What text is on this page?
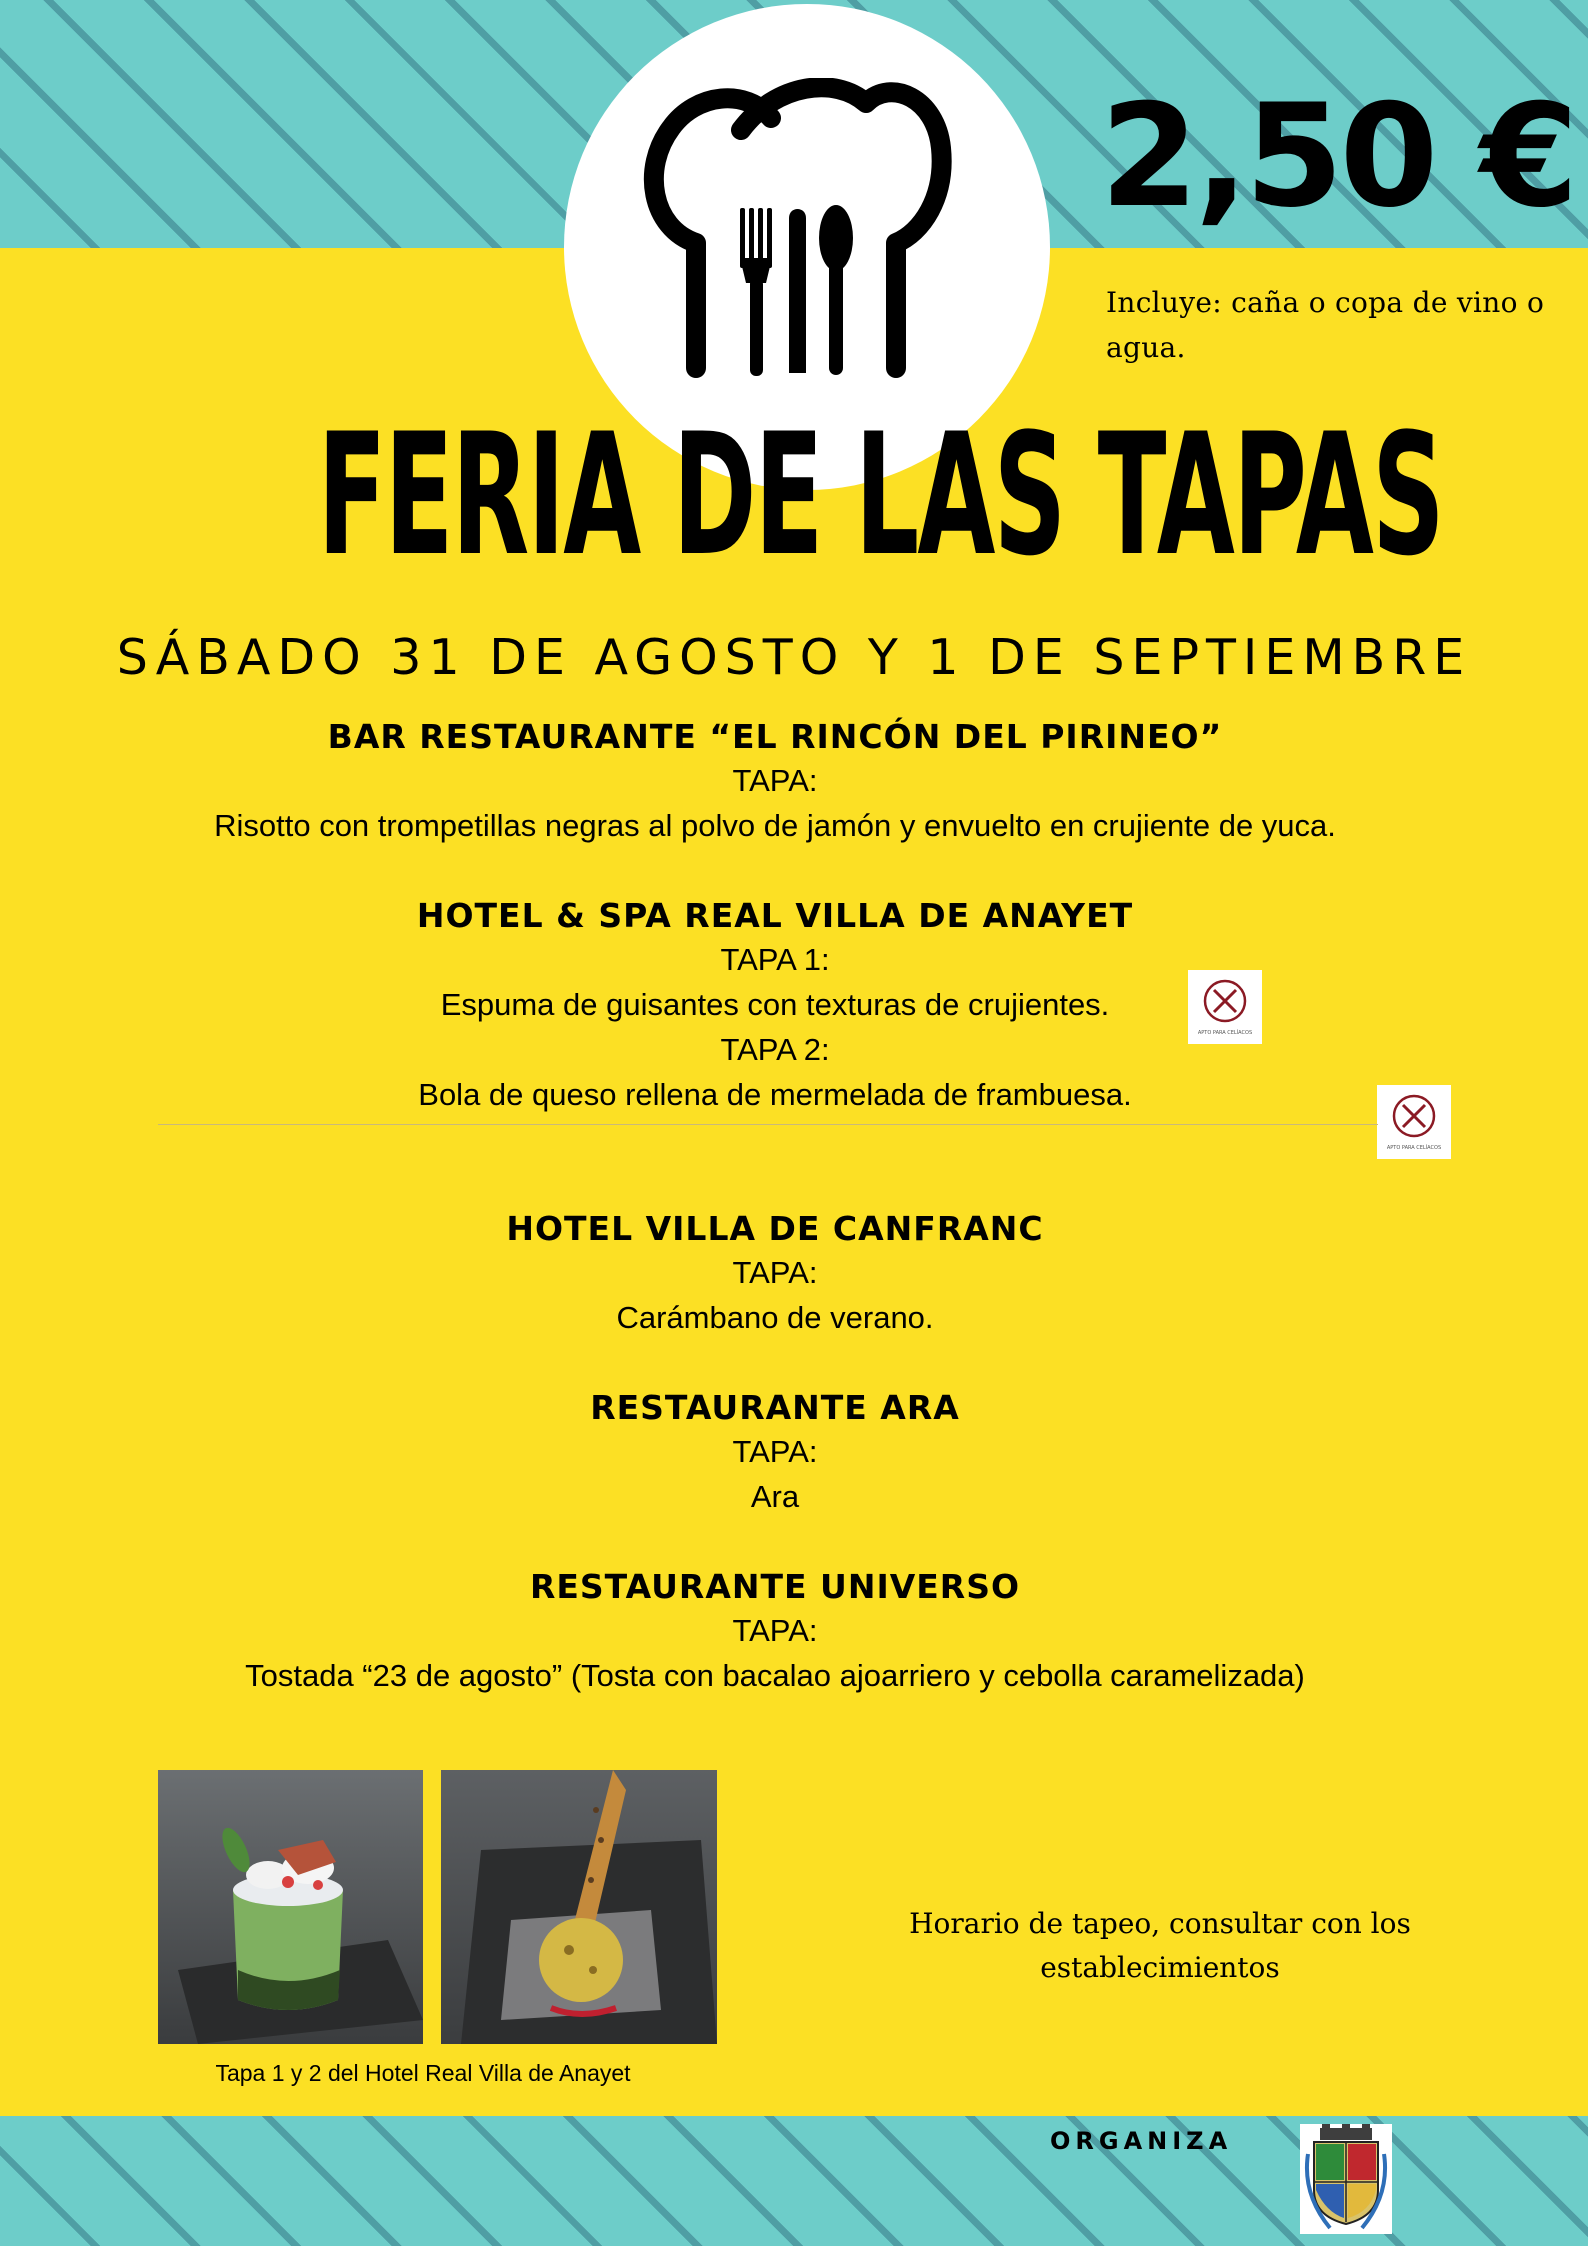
2,50 €
Incluye: caña o copa de vino o agua.
FERIA DE LAS TAPAS
SÁBADO 31 DE AGOSTO Y 1 DE SEPTIEMBRE
BAR RESTAURANTE “EL RINCÓN DEL PIRINEO”
TAPA:
Risotto con trompetillas negras al polvo de jamón y envuelto en crujiente de yuca.
HOTEL & SPA REAL VILLA DE ANAYET
TAPA 1:
Espuma de guisantes con texturas de crujientes.
TAPA 2:
Bola de queso rellena de mermelada de frambuesa.
APTO PARA CELÍACOS
APTO PARA CELÍACOS
HOTEL VILLA DE CANFRANC
TAPA:
Carámbano de verano.
RESTAURANTE ARA
TAPA:
Ara
RESTAURANTE UNIVERSO
TAPA:
Tostada “23 de agosto” (Tosta con bacalao ajoarriero y cebolla caramelizada)
Tapa 1 y 2 del Hotel Real Villa de Anayet
Horario de tapeo, consultar con los establecimientos
ORGANIZA
